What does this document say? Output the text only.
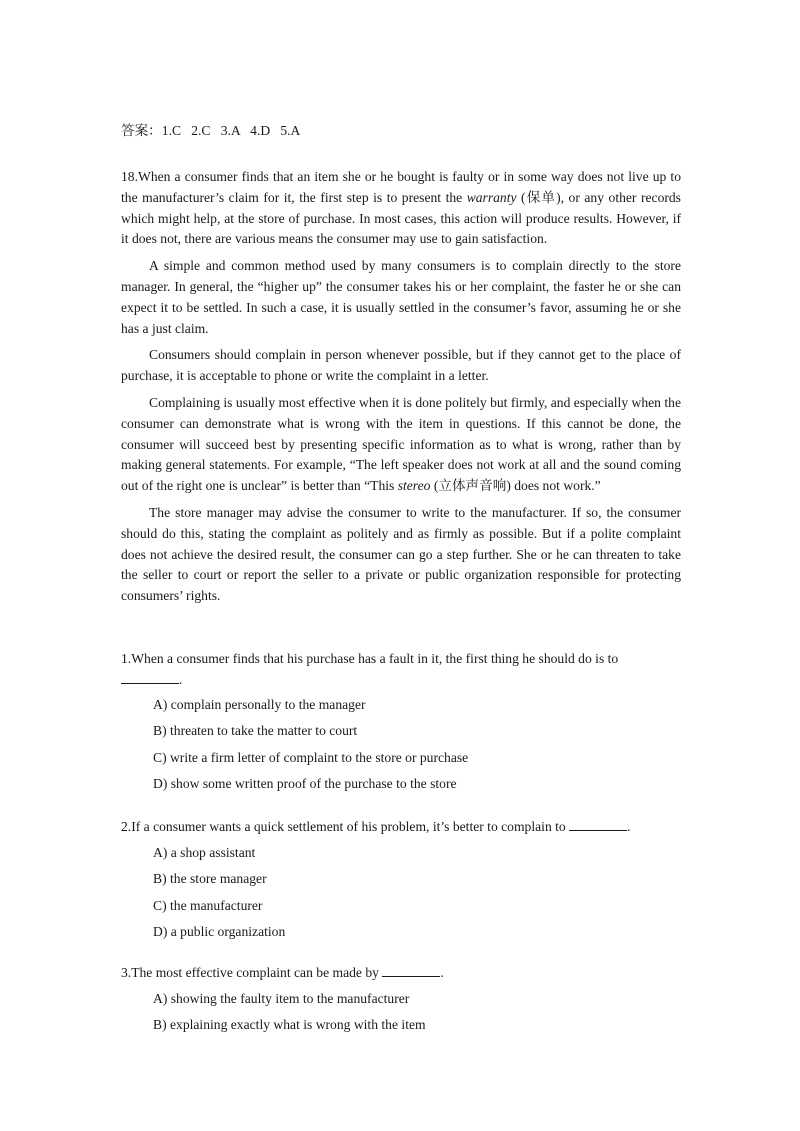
答案：1.C   2.C   3.A   4.D   5.A

18.When a consumer finds that an item she or he bought is faulty or in some way does not live up to the manufacturer’s claim for it, the first step is to present the warranty (保单), or any other records which might help, at the store of purchase. In most cases, this action will produce results. However, if it does not, there are various means the consumer may use to gain satisfaction.

A simple and common method used by many consumers is to complain directly to the store manager. In general, the “higher up” the consumer takes his or her complaint, the faster he or she can expect it to be settled. In such a case, it is usually settled in the consumer’s favor, assuming he or she has a just claim.

Consumers should complain in person whenever possible, but if they cannot get to the place of purchase, it is acceptable to phone or write the complaint in a letter.

Complaining is usually most effective when it is done politely but firmly, and especially when the consumer can demonstrate what is wrong with the item in questions. If this cannot be done, the consumer will succeed best by presenting specific information as to what is wrong, rather than by making general statements. For example, “The left speaker does not work at all and the sound coming out of the right one is unclear” is better than “This stereo (立体声音响) does not work.”

The store manager may advise the consumer to write to the manufacturer. If so, the consumer should do this, stating the complaint as politely and as firmly as possible. But if a polite complaint does not achieve the desired result, the consumer can go a step further. She or he can threaten to take the seller to court or report the seller to a private or public organization responsible for protecting consumers’ rights.

1.When a consumer finds that his purchase has a fault in it, the first thing he should do is to
.
A) complain personally to the manager
B) threaten to take the matter to court
C) write a firm letter of complaint to the store or purchase
D) show some written proof of the purchase to the store
2.If a consumer wants a quick settlement of his problem, it’s better to complain to	.
A) a shop assistant
B) the store manager
C) the manufacturer
D) a public organization
3.The most effective complaint can be made by	.
A) showing the faulty item to the manufacturer
B) explaining exactly what is wrong with the item
